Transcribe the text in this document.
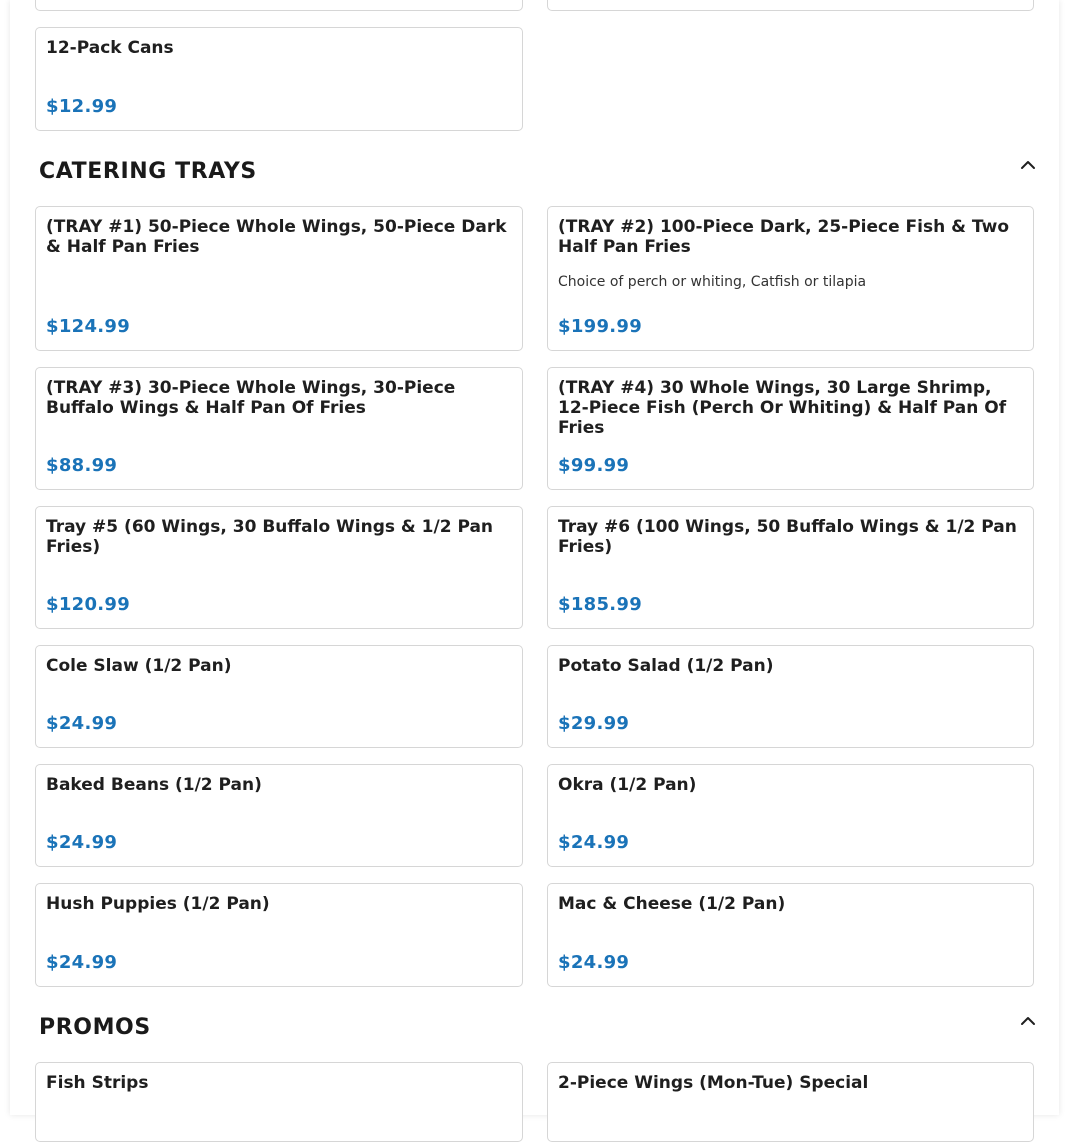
12-Pack Cans
$12.99
CATERING TRAYS
(TRAY #1) 50-Piece Whole Wings, 50-Piece Dark & Half Pan Fries
$124.99
(TRAY #2) 100-Piece Dark, 25-Piece Fish & Two Half Pan Fries
Choice of perch or whiting, Catfish or tilapia
$199.99
(TRAY #3) 30-Piece Whole Wings, 30-Piece Buffalo Wings & Half Pan Of Fries
$88.99
(TRAY #4) 30 Whole Wings, 30 Large Shrimp, 12-Piece Fish (Perch Or Whiting) & Half Pan Of Fries
$99.99
Tray #5 (60 Wings, 30 Buffalo Wings & 1/2 Pan Fries)
$120.99
Tray #6 (100 Wings, 50 Buffalo Wings & 1/2 Pan Fries)
$185.99
Cole Slaw (1/2 Pan)
$24.99
Potato Salad (1/2 Pan)
$29.99
Baked Beans (1/2 Pan)
$24.99
Okra (1/2 Pan)
$24.99
Hush Puppies (1/2 Pan)
$24.99
Mac & Cheese (1/2 Pan)
$24.99
PROMOS
Fish Strips	2-Piece Wings (Mon-Tue) Special
